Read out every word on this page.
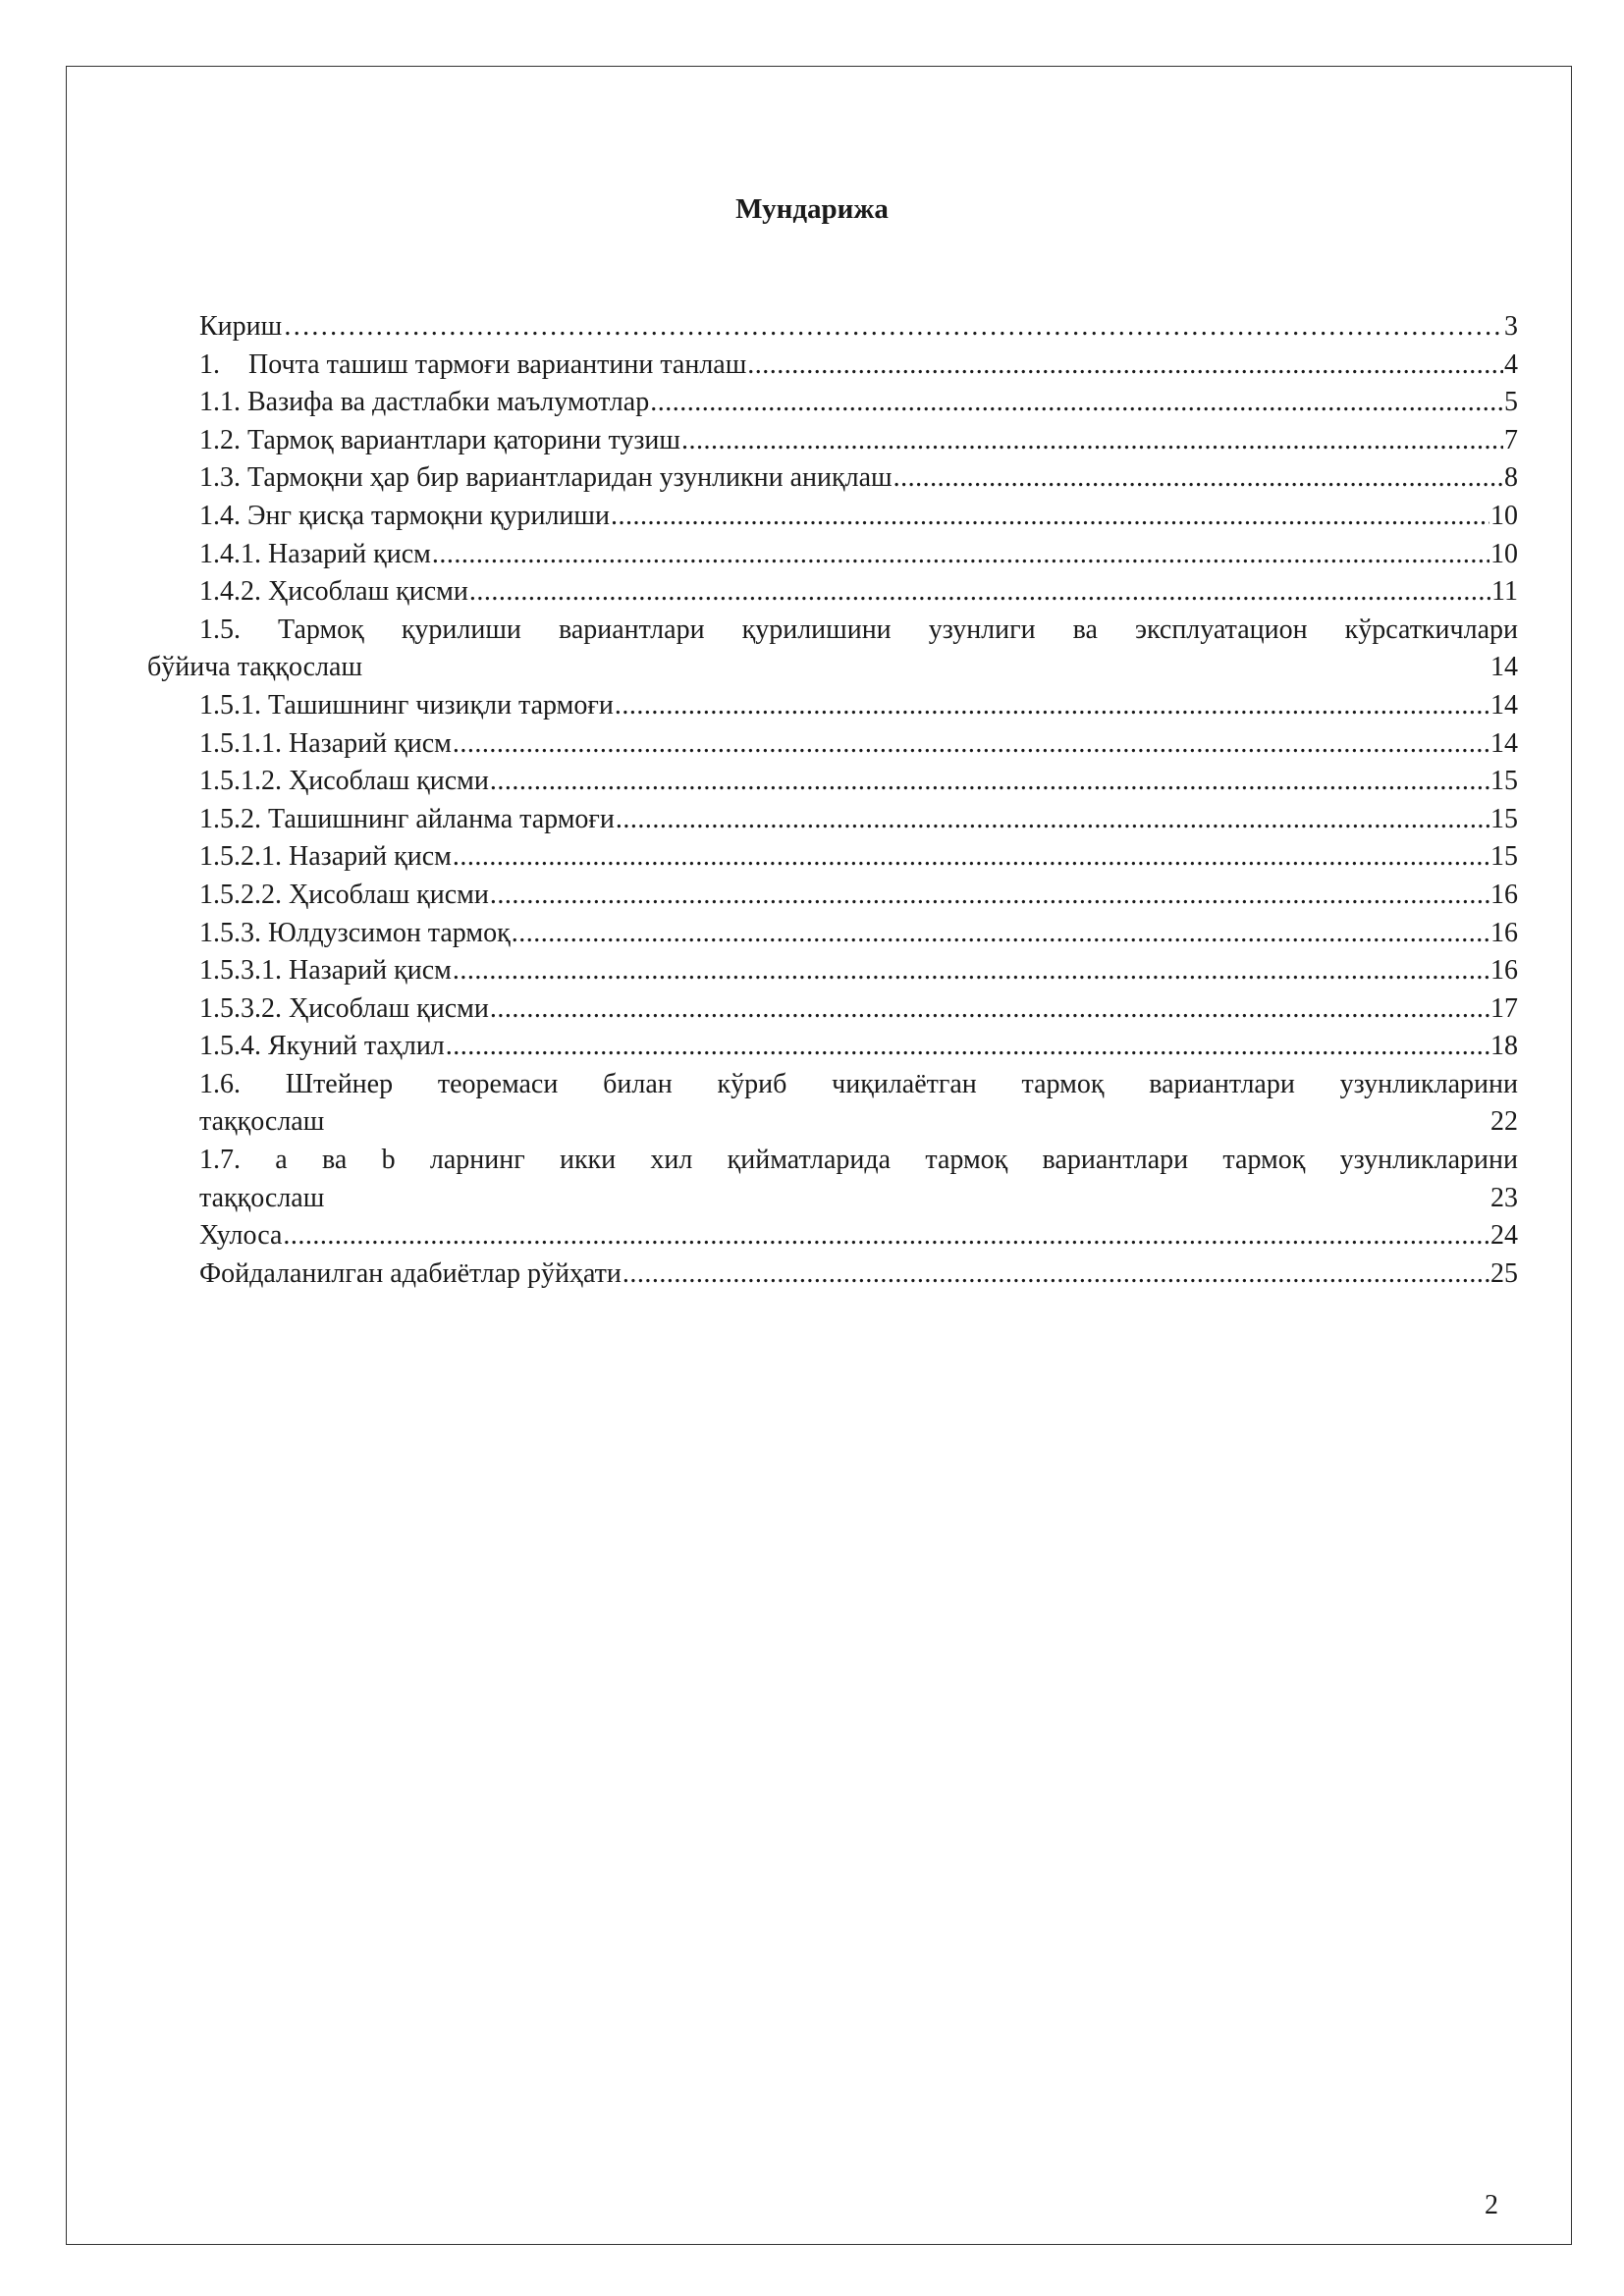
Мундарижа
Кириш ………………………………………………………………………………………………………………………………………………………………………………………………	3
1. Почта ташиш тармоғи вариантини танлаш .....	4
1.1. Вазифа ва дастлабки маълумотлар .....	5
1.2. Тармоқ вариантлари қаторини тузиш .....	7
1.3. Тармоқни ҳар бир вариантларидан узунликни аниқлаш .....	8
1.4. Энг қисқа тармоқни қурилиши .....	10
1.4.1. Назарий қисм .....	10
1.4.2. Ҳисоблаш қисми .....	11
1.5. Тармоқ қурилиши вариантлари қурилишини узунлиги ва эксплуатацион кўрсаткичлари
бўйича таққослаш	14
1.5.1. Ташишнинг чизиқли тармоғи .....	14
1.5.1.1. Назарий қисм .....	14
1.5.1.2. Ҳисоблаш қисми .....	15
1.5.2. Ташишнинг айланма тармоғи .....	15
1.5.2.1. Назарий қисм .....	15
1.5.2.2. Ҳисоблаш қисми .....	16
1.5.3. Юлдузсимон тармоқ .....	16
1.5.3.1. Назарий қисм .....	16
1.5.3.2. Ҳисоблаш қисми .....	17
1.5.4. Якуний таҳлил .....	18
1.6. Штейнер теоремаси билан кўриб чиқилаётган тармоқ вариантлари узунликларини
таққослаш	22
1.7. a ва b ларнинг икки хил қийматларида тармоқ вариантлари тармоқ узунликларини
таққослаш	23
Хулоса .....	24
Фойдаланилган адабиётлар рўйҳати .....	25
2
